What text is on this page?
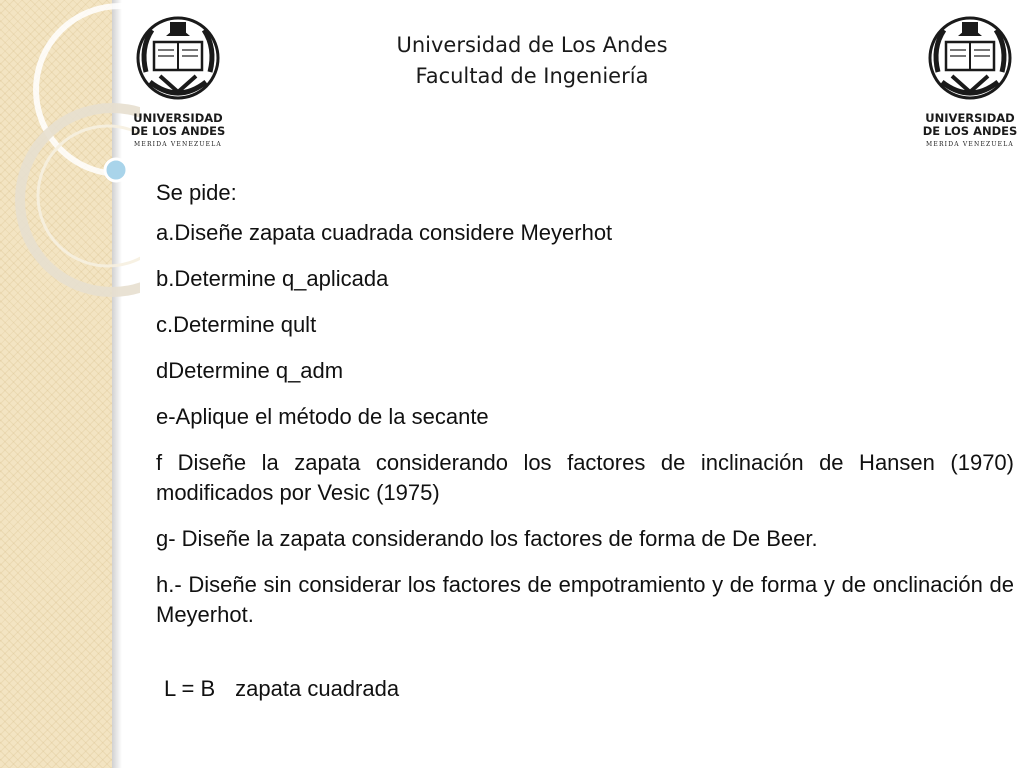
UNIVERSIDAD
DE LOS ANDES
MERIDA VENEZUELA
UNIVERSIDAD
DE LOS ANDES
MERIDA VENEZUELA
Universidad de Los Andes
Facultad de Ingeniería

Se pide:

a.Diseñe zapata cuadrada considere Meyerhot

b.Determine q_aplicada

c.Determine qult

dDetermine q_adm

e-Aplique el método de la secante

f Diseñe la zapata considerando los factores de inclinación de Hansen (1970) modificados por Vesic (1975)

g- Diseñe la zapata considerando los factores de forma de De Beer.

h.- Diseñe sin considerar los factores de empotramiento y de forma y de onclinación de Meyerhot.

L = B zapata cuadrada
